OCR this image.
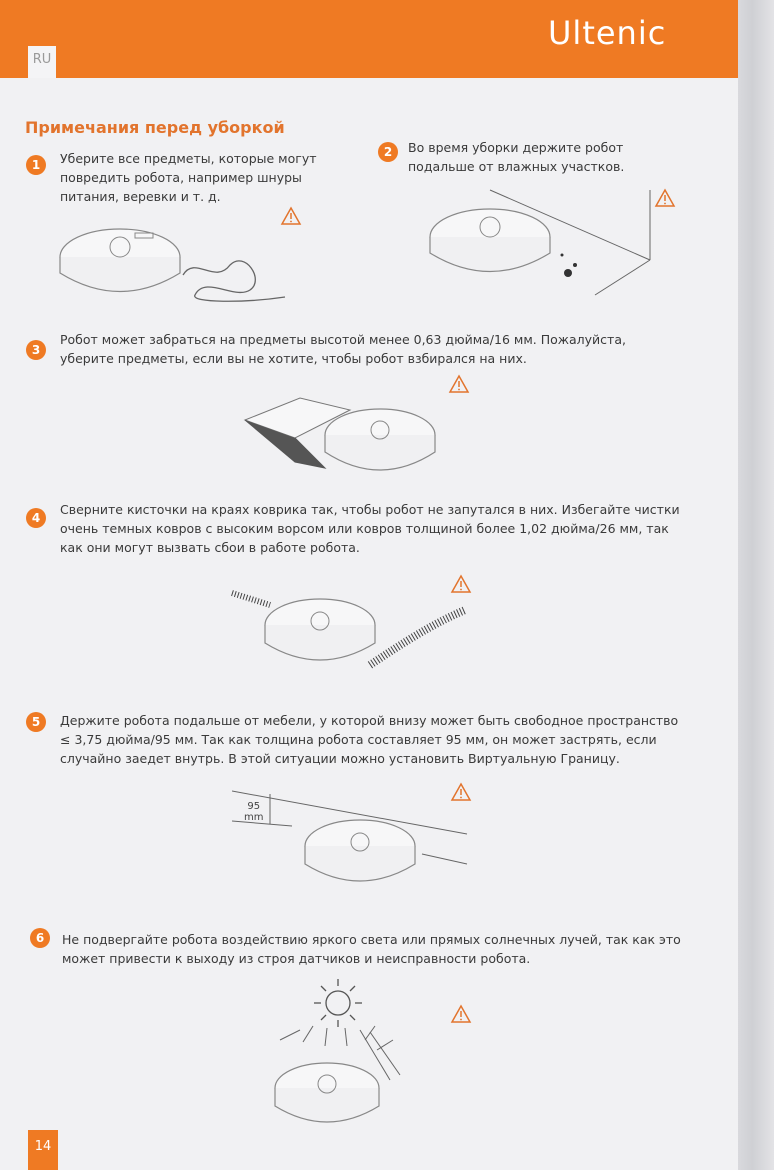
RU
Ultenic
Примечания перед уборкой
1	Уберите все предметы, которые могут повредить робота, например шнуры питания, веревки и т. д.
2	Во время уборки держите робот подальше от влажных участков.
3
Робот может забраться на предметы высотой менее 0,63 дюйма/16 мм. Пожалуйста, уберите предметы, если вы не хотите, чтобы робот взбирался на них.
4
Сверните кисточки на краях коврика так, чтобы робот не запутался в них. Избегайте чистки очень темных ковров с высоким ворсом или ковров толщиной более 1,02 дюйма/26 мм, так как они могут вызвать сбои в работе робота.
5	Держите робота подальше от мебели, у которой внизу может быть свободное пространство ≤ 3,75 дюйма/95 мм. Так как толщина робота составляет 95 мм, он может застрять, если случайно заедет внутрь. В этой ситуации можно установить Виртуальную Границу.
95
mm
6	Не подвергайте робота воздействию яркого света или прямых солнечных лучей, так как это может привести к выходу из строя датчиков и неисправности робота.
14
